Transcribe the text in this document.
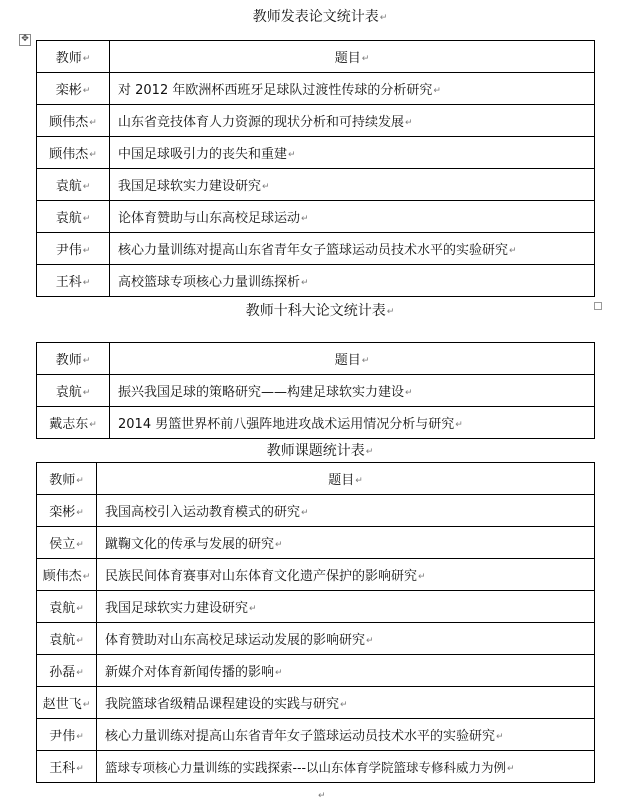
教师发表论文统计表↵
✥
教师↵	题目↵
栾彬↵	对 2012 年欧洲杯西班牙足球队过渡性传球的分析研究↵
顾伟杰↵	山东省竞技体育人力资源的现状分析和可持续发展↵
顾伟杰↵	中国足球吸引力的丧失和重建↵
袁航↵	我国足球软实力建设研究↵
袁航↵	论体育赞助与山东高校足球运动↵
尹伟↵	核心力量训练对提高山东省青年女子篮球运动员技术水平的实验研究↵
王科↵	高校篮球专项核心力量训练探析↵
教师十科大论文统计表↵
教师↵	题目↵
袁航↵	振兴我国足球的策略研究——构建足球软实力建设↵
戴志东↵	2014 男篮世界杯前八强阵地进攻战术运用情况分析与研究↵
教师课题统计表↵
教师↵	题目↵
栾彬↵	我国高校引入运动教育模式的研究↵
侯立↵	蹴鞠文化的传承与发展的研究↵
顾伟杰↵	民族民间体育赛事对山东体育文化遗产保护的影响研究↵
袁航↵	我国足球软实力建设研究↵
袁航↵	体育赞助对山东高校足球运动发展的影响研究↵
孙磊↵	新媒介对体育新闻传播的影响↵
赵世飞↵	我院篮球省级精品课程建设的实践与研究↵
尹伟↵	核心力量训练对提高山东省青年女子篮球运动员技术水平的实验研究↵
王科↵	篮球专项核心力量训练的实践探索---以山东体育学院篮球专修科威力为例↵
↵
